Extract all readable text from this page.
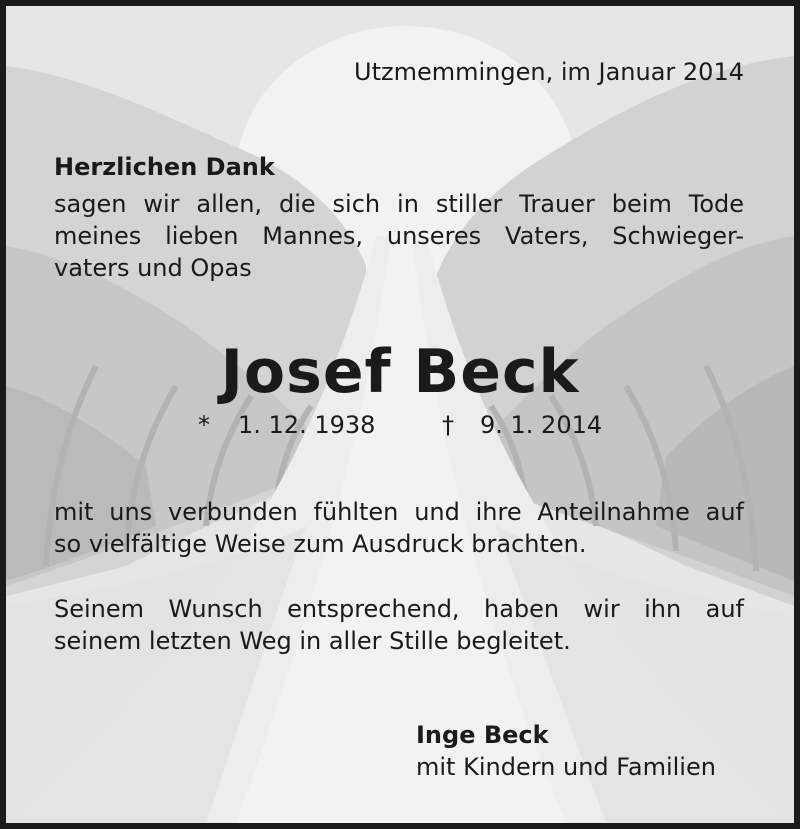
Utzmemmingen, im Januar 2014
Herzlichen Dank
sagen wir allen, die sich in stiller Trauer beim Tode
meines lieben Mannes, unseres Vaters, Schwieger-
vaters und Opas
Josef Beck
* 1. 12. 1938	† 9. 1. 2014
mit uns verbunden fühlten und ihre Anteilnahme auf
so vielfältige Weise zum Ausdruck brachten.
Seinem Wunsch entsprechend, haben wir ihn auf
seinem letzten Weg in aller Stille begleitet.
Inge Beck
mit Kindern und Familien
